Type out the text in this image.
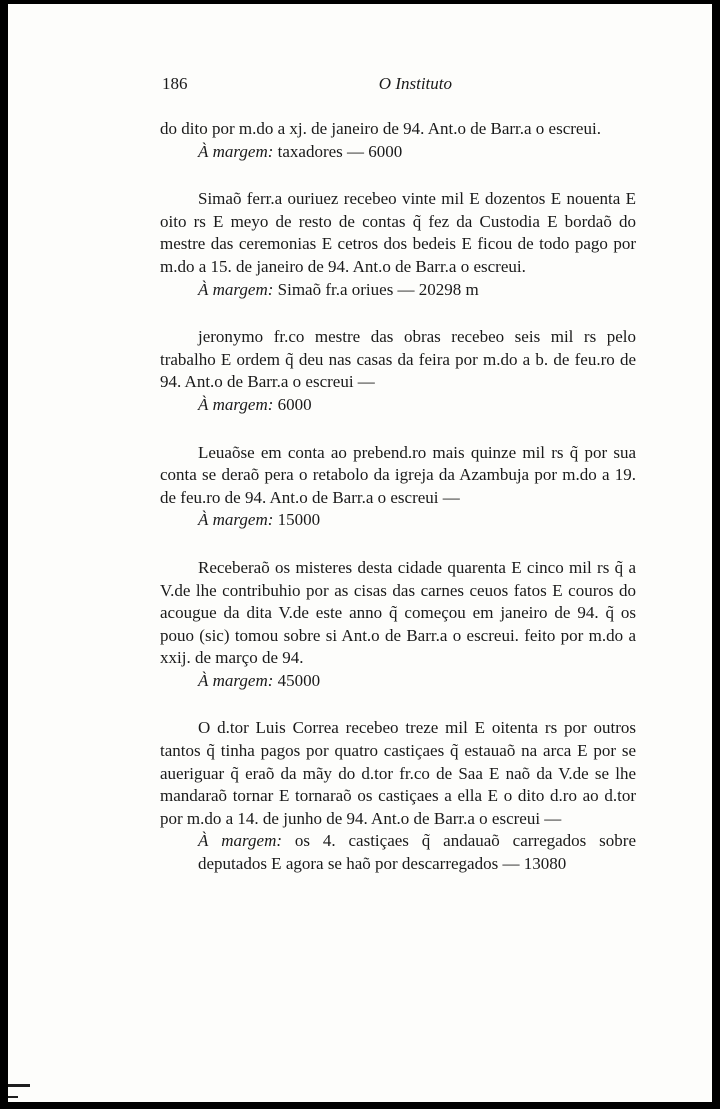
186	O Instituto

do dito por m.do a xj. de janeiro de 94. Ant.o de Barr.a o escreui.

À margem: taxadores — 6000

Simaõ ferr.a ouriuez recebeo vinte mil E dozentos E nouenta E oito rs E meyo de resto de contas q̃ fez da Custodia E bordaõ do mestre das ceremonias E cetros dos bedeis E ficou de todo pago por m.do a 15. de janeiro de 94. Ant.o de Barr.a o escreui.

À margem: Simaõ fr.a oriues — 20298 m

jeronymo fr.co mestre das obras recebeo seis mil rs pelo trabalho E ordem q̃ deu nas casas da feira por m.do a b. de feu.ro de 94. Ant.o de Barr.a o escreui —

À margem: 6000

Leuaõse em conta ao prebend.ro mais quinze mil rs q̃ por sua conta se deraõ pera o retabolo da igreja da Azambuja por m.do a 19. de feu.ro de 94. Ant.o de Barr.a o escreui —

À margem: 15000

Receberaõ os misteres desta cidade quarenta E cinco mil rs q̃ a V.de lhe contribuhio por as cisas das carnes ceuos fatos E couros do acougue da dita V.de este anno q̃ começou em janeiro de 94. q̃ os pouo (sic) tomou sobre si Ant.o de Barr.a o escreui. feito por m.do a xxij. de março de 94.

À margem: 45000

O d.tor Luis Correa recebeo treze mil E oitenta rs por outros tantos q̃ tinha pagos por quatro castiçaes q̃ estauaõ na arca E por se aueriguar q̃ eraõ da mãy do d.tor fr.co de Saa E naõ da V.de se lhe mandaraõ tornar E tornaraõ os castiçaes a ella E o dito d.ro ao d.tor por m.do a 14. de junho de 94. Ant.o de Barr.a o escreui —

À margem: os 4. castiçaes q̃ andauaõ carregados sobre deputados E agora se haõ por descarregados — 13080
